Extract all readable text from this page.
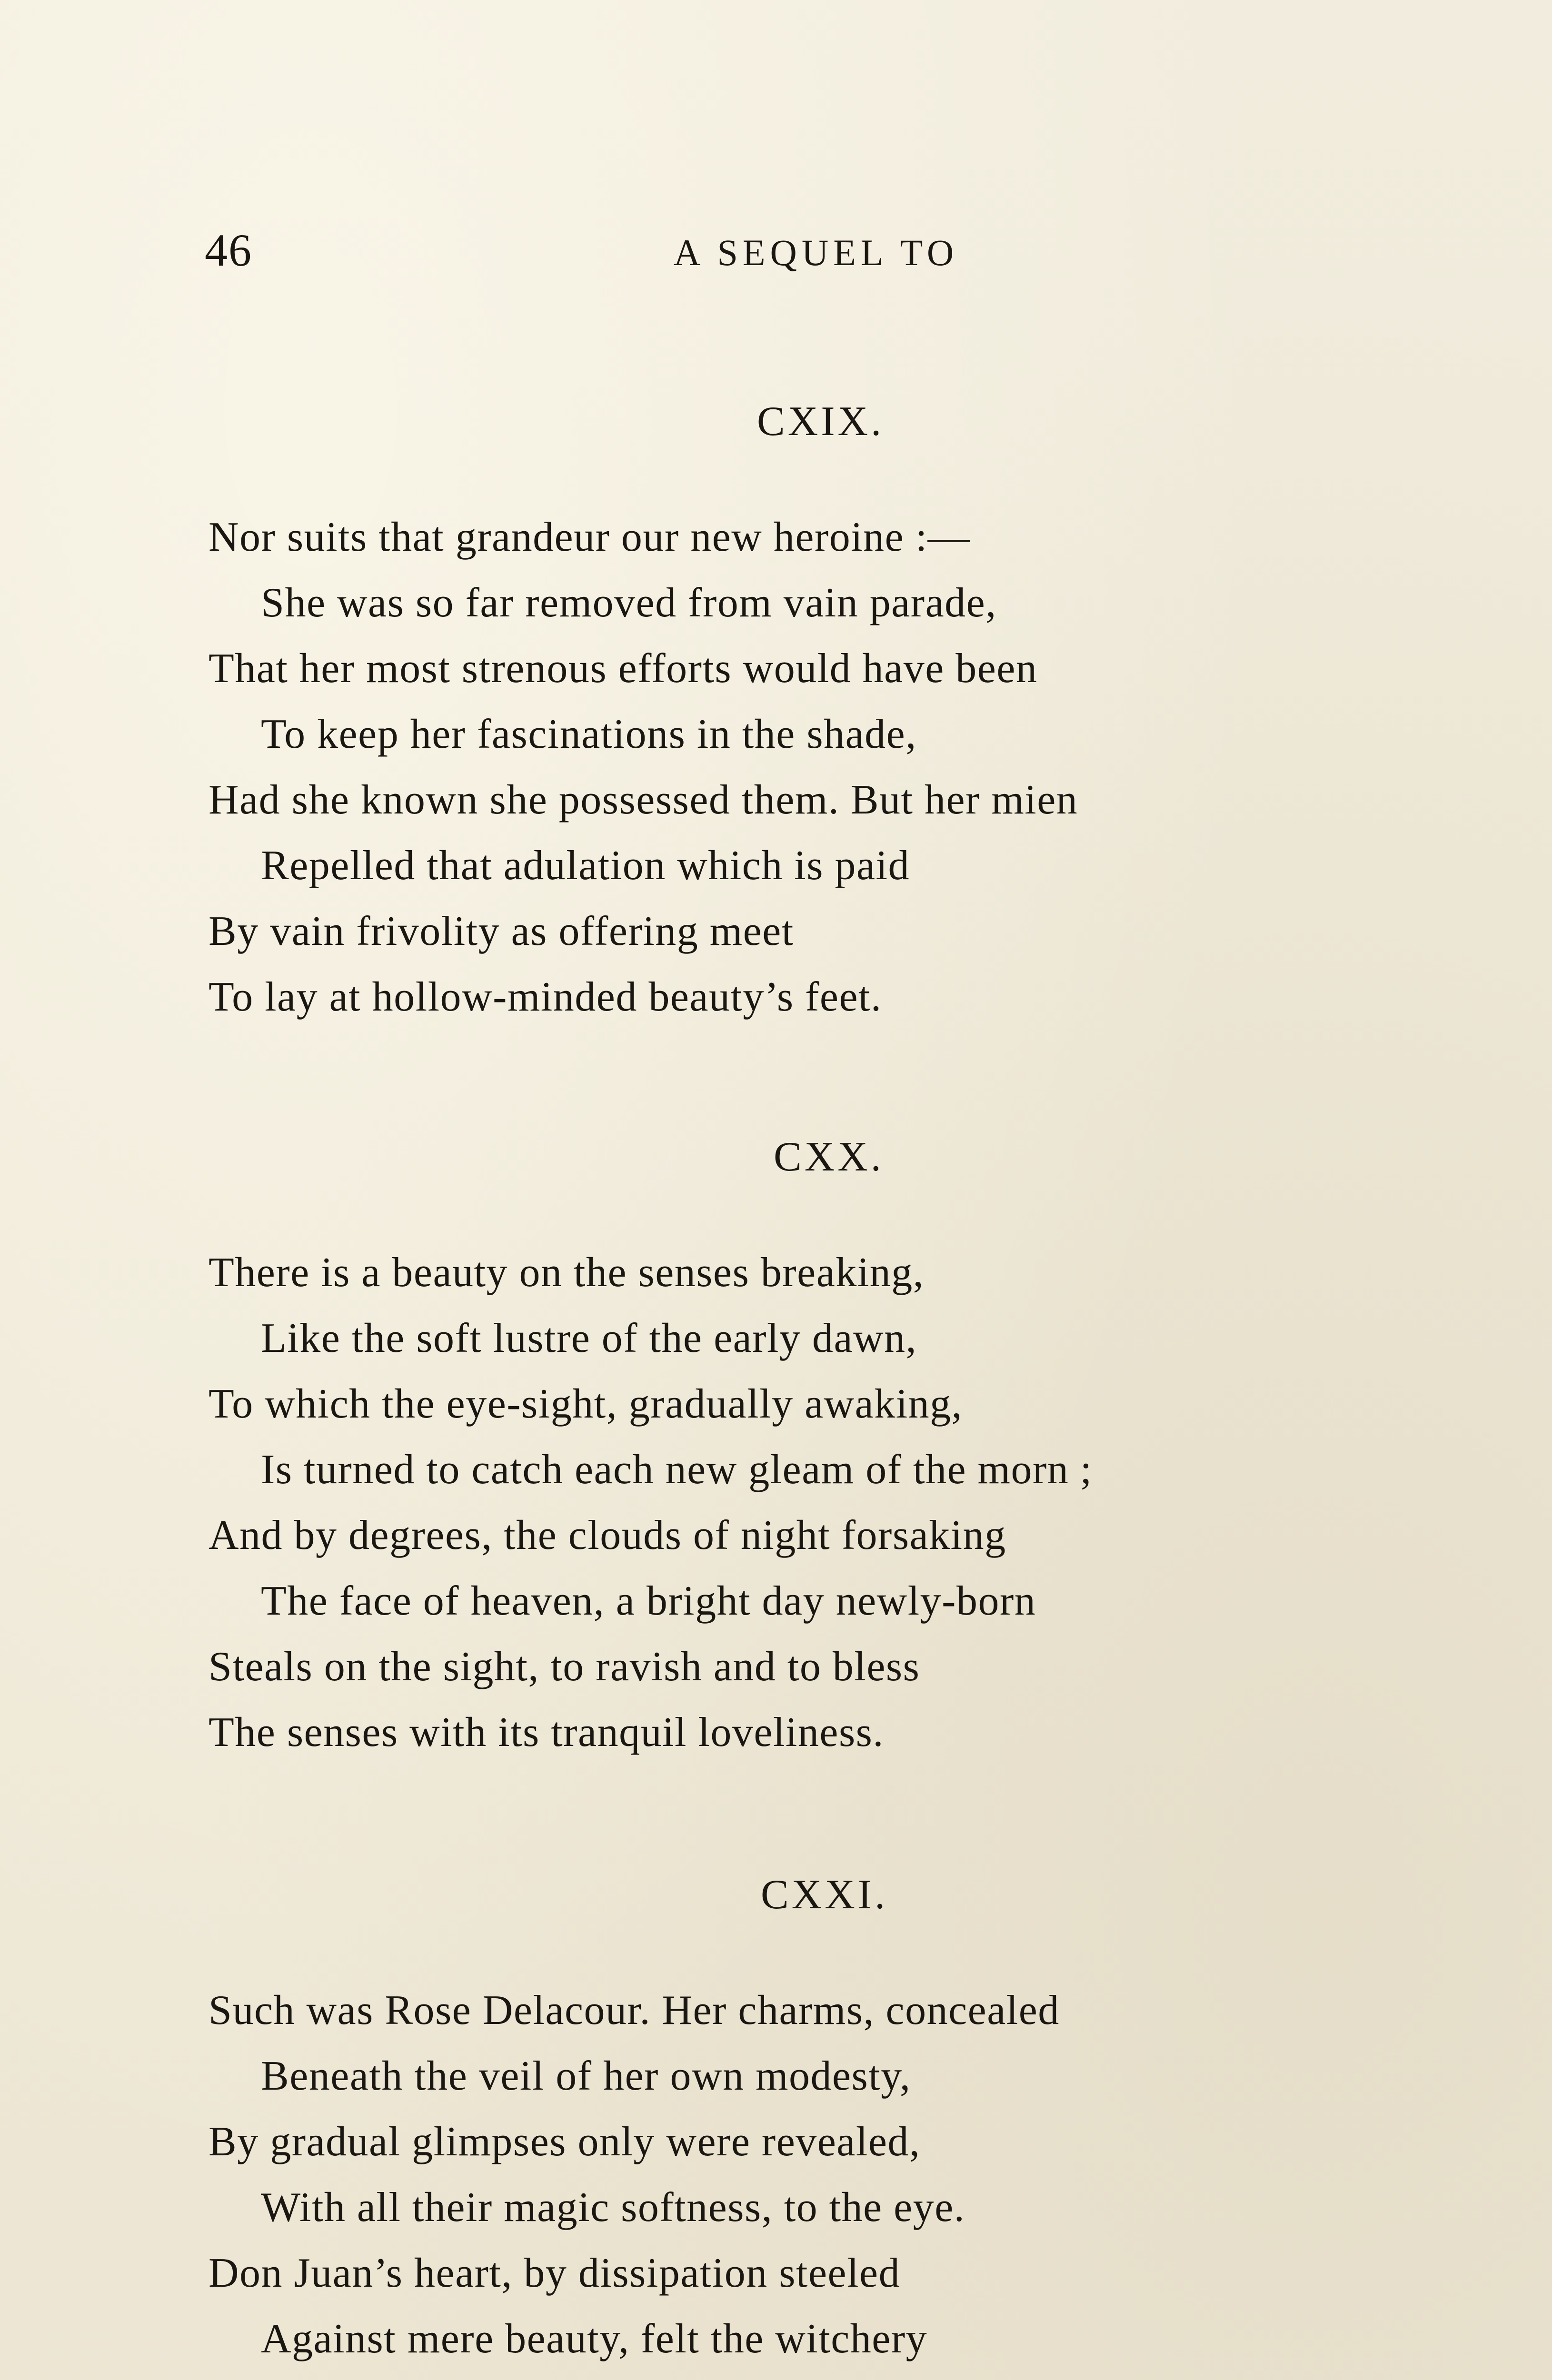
46	A SEQUEL TO
CXIX.
Nor suits that grandeur our new heroine :—
She was so far removed from vain parade,
That her most strenous efforts would have been
To keep her fascinations in the shade,
Had she known she possessed them. But her mien
Repelled that adulation which is paid
By vain frivolity as offering meet
To lay at hollow-minded beauty’s feet.
CXX.
There is a beauty on the senses breaking,
Like the soft lustre of the early dawn,
To which the eye-sight, gradually awaking,
Is turned to catch each new gleam of the morn ;
And by degrees, the clouds of night forsaking
The face of heaven, a bright day newly-born
Steals on the sight, to ravish and to bless
The senses with its tranquil loveliness.
CXXI.
Such was Rose Delacour. Her charms, concealed
Beneath the veil of her own modesty,
By gradual glimpses only were revealed,
With all their magic softness, to the eye.
Don Juan’s heart, by dissipation steeled
Against mere beauty, felt the witchery
